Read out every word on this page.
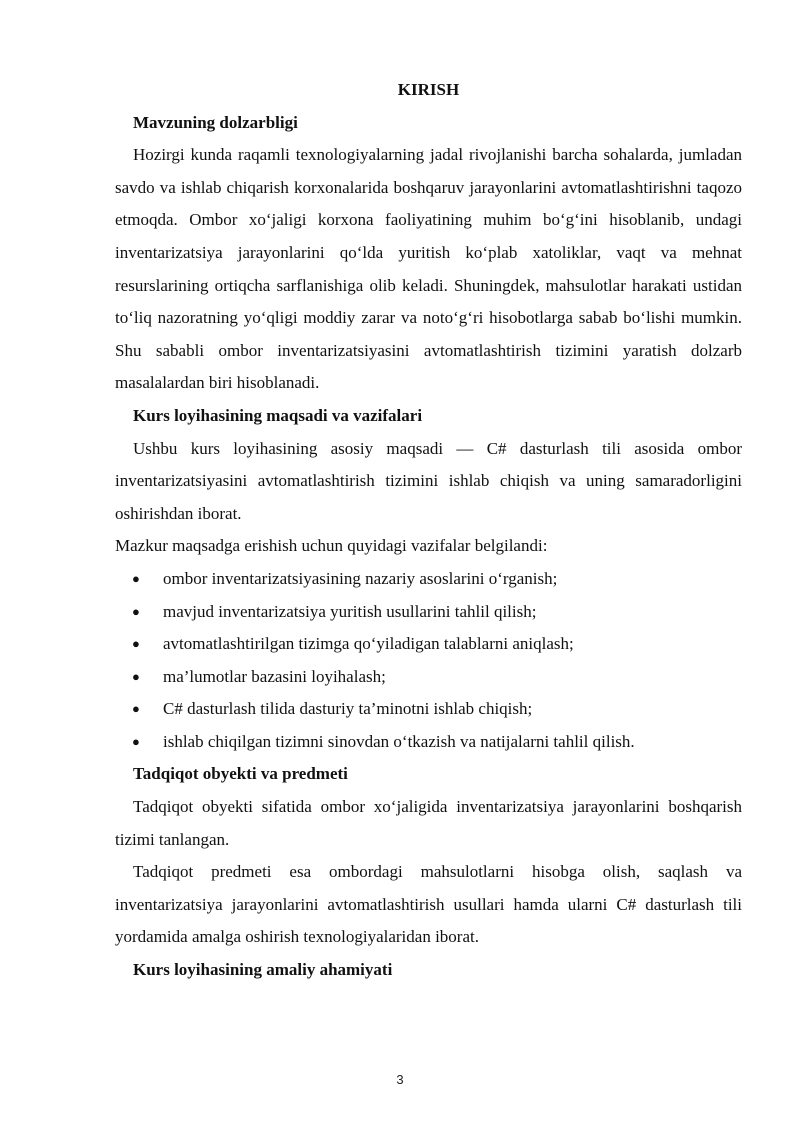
KIRISH

Mavzuning dolzarbligi

Hozirgi kunda raqamli texnologiyalarning jadal rivojlanishi barcha sohalarda, jumladan savdo va ishlab chiqarish korxonalarida boshqaruv jarayonlarini avtomatlashtirishni taqozo etmoqda. Ombor xo‘jaligi korxona faoliyatining muhim bo‘g‘ini hisoblanib, undagi inventarizatsiya jarayonlarini qo‘lda yuritish ko‘plab xatoliklar, vaqt va mehnat resurslarining ortiqcha sarflanishiga olib keladi. Shuningdek, mahsulotlar harakati ustidan to‘liq nazoratning yo‘qligi moddiy zarar va noto‘g‘ri hisobotlarga sabab bo‘lishi mumkin. Shu sababli ombor inventarizatsiyasini avtomatlashtirish tizimini yaratish dolzarb masalalardan biri hisoblanadi.

Kurs loyihasining maqsadi va vazifalari

Ushbu kurs loyihasining asosiy maqsadi — C# dasturlash tili asosida ombor inventarizatsiyasini avtomatlashtirish tizimini ishlab chiqish va uning samaradorligini oshirishdan iborat.

Mazkur maqsadga erishish uchun quyidagi vazifalar belgilandi:

● ombor inventarizatsiyasining nazariy asoslarini o‘rganish;
● mavjud inventarizatsiya yuritish usullarini tahlil qilish;
● avtomatlashtirilgan tizimga qo‘yiladigan talablarni aniqlash;
● ma’lumotlar bazasini loyihalash;
● C# dasturlash tilida dasturiy ta’minotni ishlab chiqish;
● ishlab chiqilgan tizimni sinovdan o‘tkazish va natijalarni tahlil qilish.

Tadqiqot obyekti va predmeti

Tadqiqot obyekti sifatida ombor xo‘jaligida inventarizatsiya jarayonlarini boshqarish tizimi tanlangan.

Tadqiqot predmeti esa ombordagi mahsulotlarni hisobga olish, saqlash va inventarizatsiya jarayonlarini avtomatlashtirish usullari hamda ularni C# dasturlash tili yordamida amalga oshirish texnologiyalaridan iborat.

Kurs loyihasining amaliy ahamiyati

3
